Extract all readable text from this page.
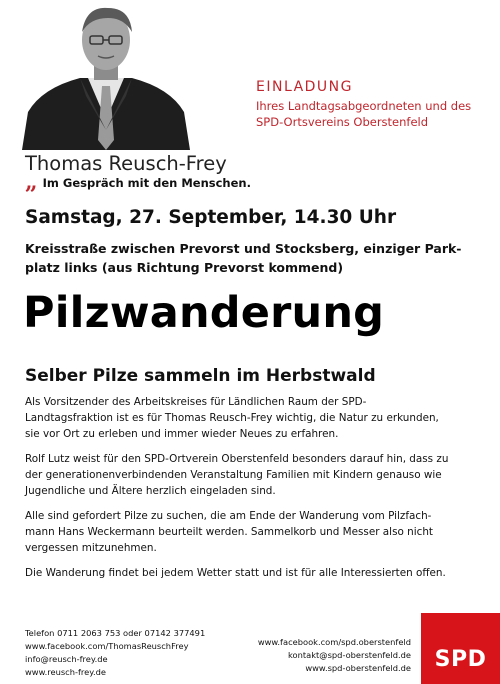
EINLADUNG
Ihres Landtagsabgeordneten und des
SPD-Ortsvereins Oberstenfeld
Thomas Reusch-Frey
„ Im Gespräch mit den Menschen.
Samstag, 27. September, 14.30 Uhr
Kreisstraße zwischen Prevorst und Stocksberg, einziger Park-
platz links (aus Richtung Prevorst kommend)
Pilzwanderung
Selber Pilze sammeln im Herbstwald

Als Vorsitzender des Arbeitskreises für Ländlichen Raum der SPD-
Landtagsfraktion ist es für Thomas Reusch-Frey wichtig, die Natur zu erkunden,
sie vor Ort zu erleben und immer wieder Neues zu erfahren.

Rolf Lutz weist für den SPD-Ortverein Oberstenfeld besonders darauf hin, dass zu
der generationenverbindenden Veranstaltung Familien mit Kindern genauso wie
Jugendliche und Ältere herzlich eingeladen sind.

Alle sind gefordert Pilze zu suchen, die am Ende der Wanderung vom Pilzfach-
mann Hans Weckermann beurteilt werden. Sammelkorb und Messer also nicht
vergessen mitzunehmen.

Die Wanderung findet bei jedem Wetter statt und ist für alle Interessierten offen.

Telefon 0711 2063 753 oder 07142 377491
www.facebook.com/ThomasReuschFrey
info@reusch-frey.de
www.reusch-frey.de
www.facebook.com/spd.oberstenfeld
kontakt@spd-oberstenfeld.de
www.spd-oberstenfeld.de SPD
